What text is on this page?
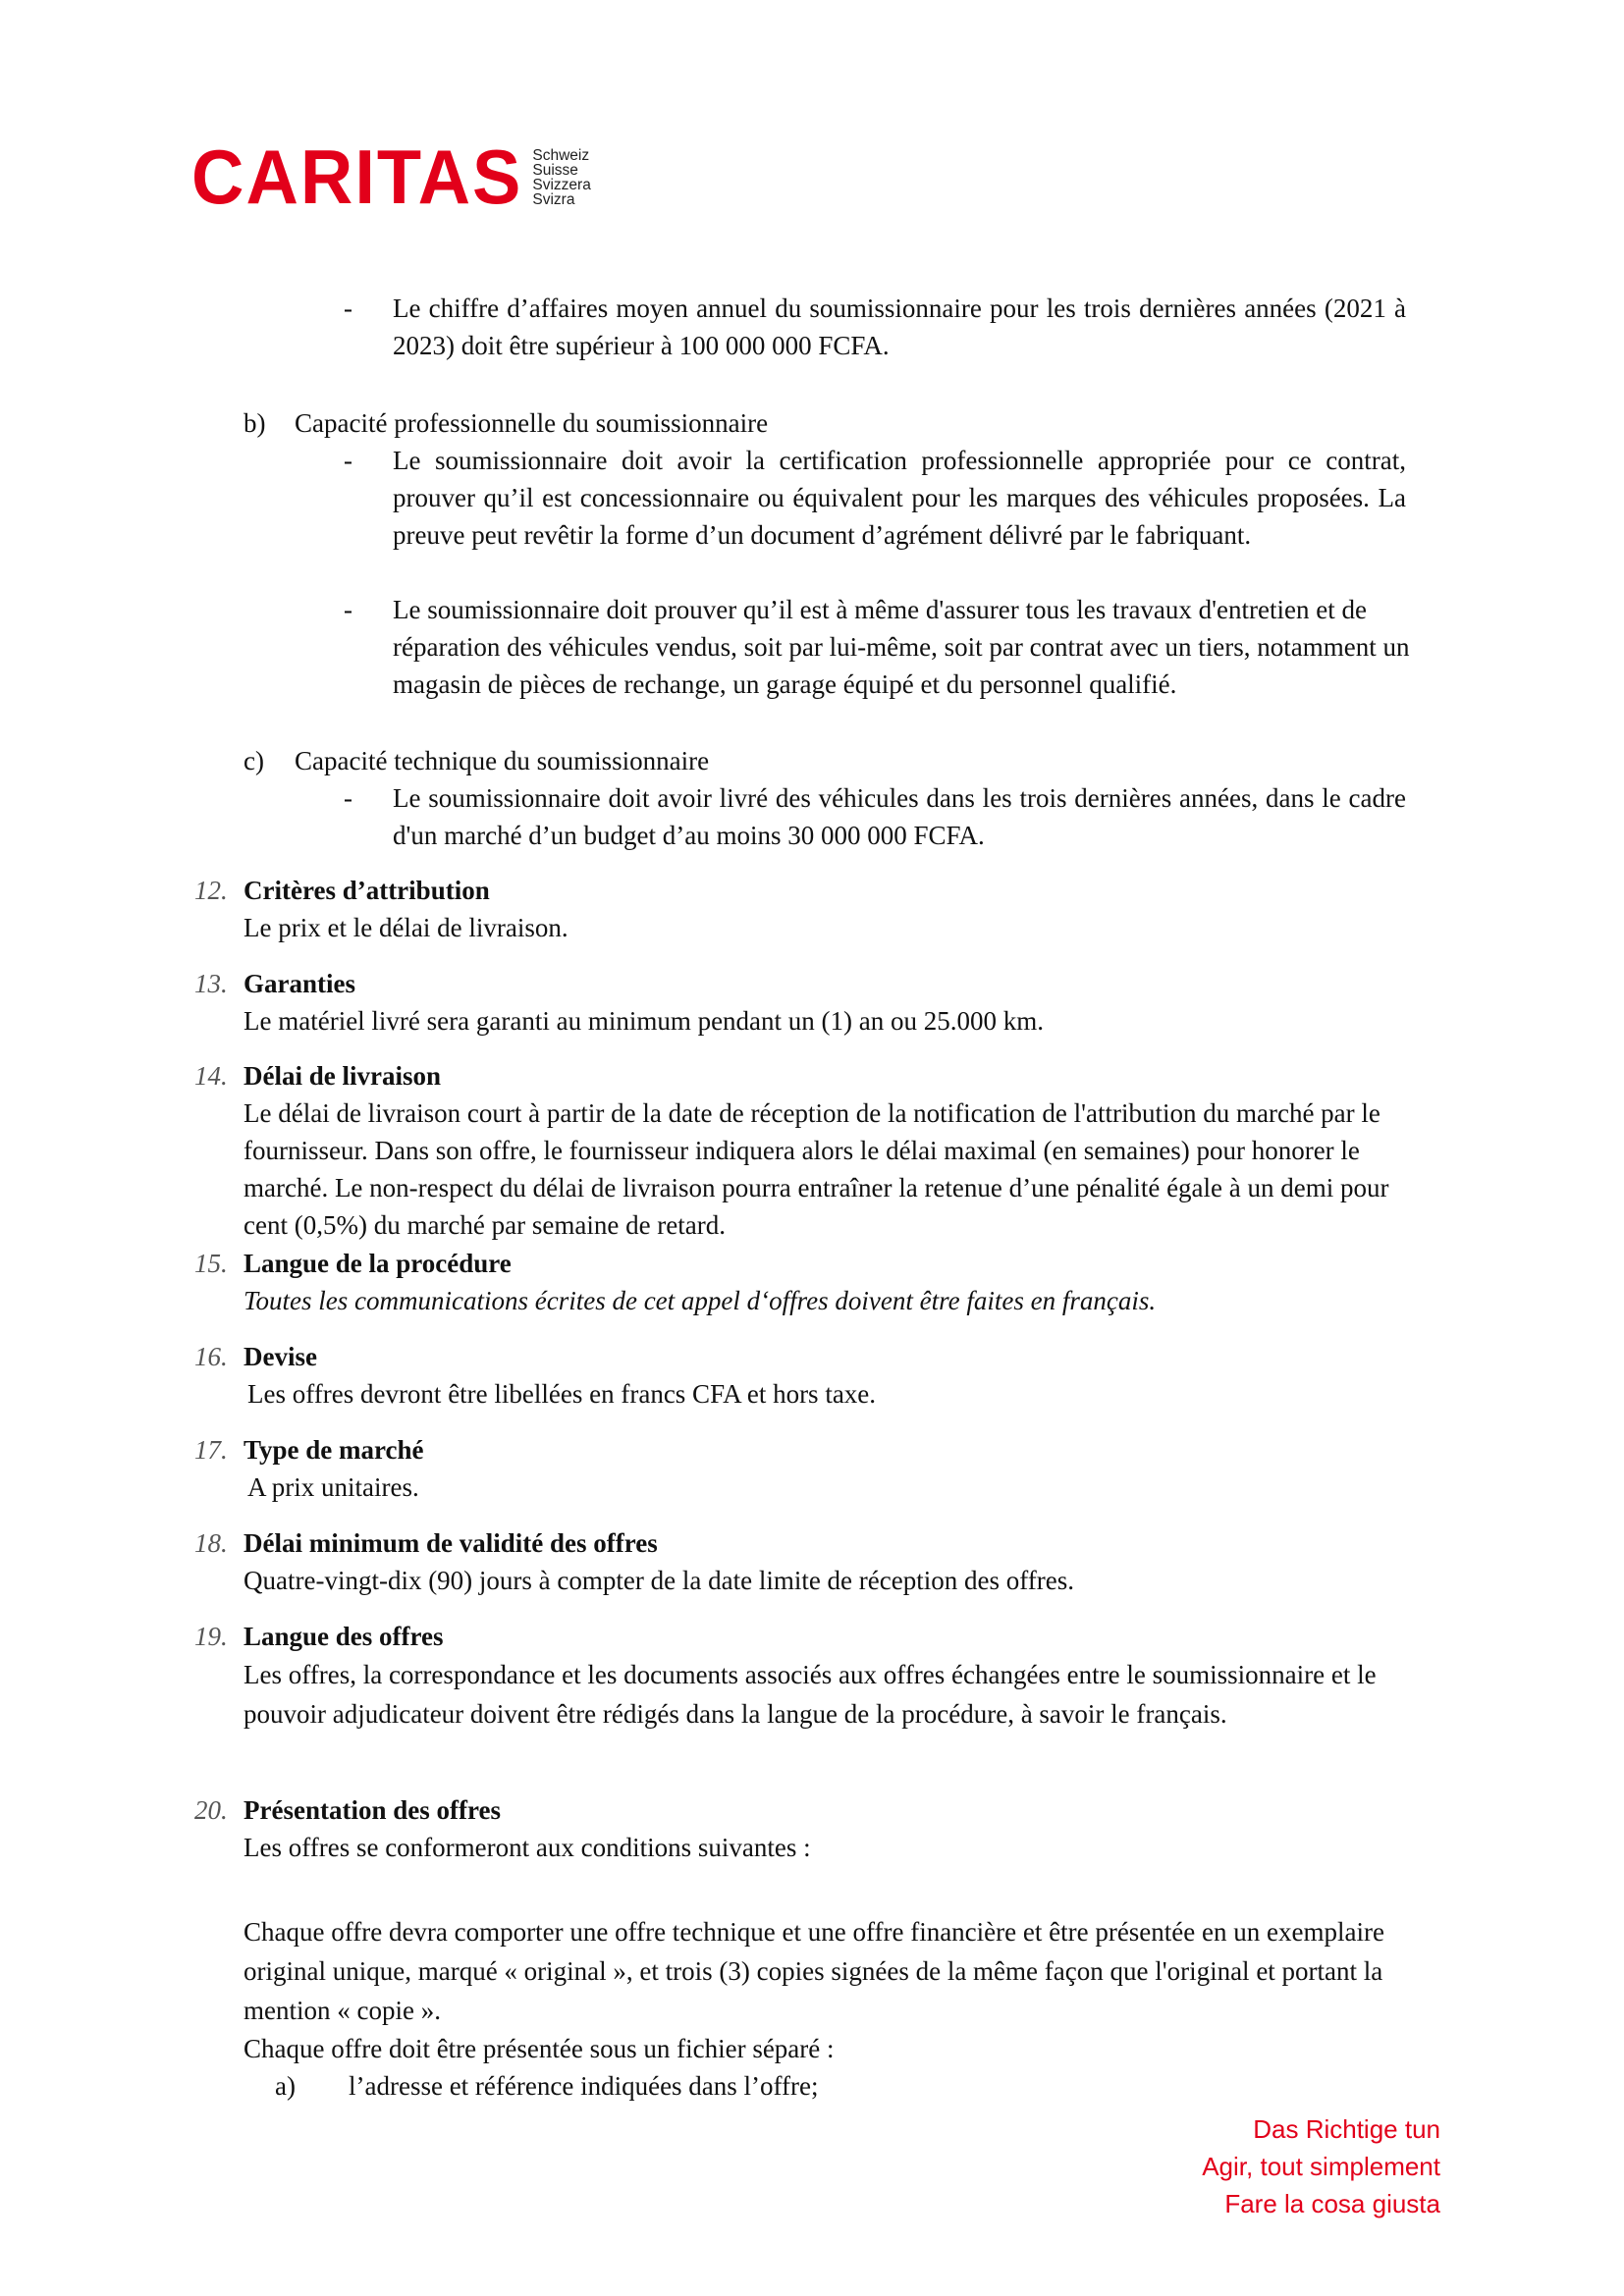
CARITAS Schweiz
Suisse
Svizzera
Svizra
- Le chiffre d’affaires moyen annuel du soumissionnaire pour les trois dernières années (2021 à 2023) doit être supérieur à 100 000 000 FCFA.
b) Capacité professionnelle du soumissionnaire
- Le soumissionnaire doit avoir la certification professionnelle appropriée pour ce contrat, prouver qu’il est concessionnaire ou équivalent pour les marques des véhicules proposées. La preuve peut revêtir la forme d’un document d’agrément délivré par le fabriquant.
- Le soumissionnaire doit prouver qu’il est à même d'assurer tous les travaux d'entretien et de réparation des véhicules vendus, soit par lui-même, soit par contrat avec un tiers, notamment un magasin de pièces de rechange, un garage équipé et du personnel qualifié.
c) Capacité technique du soumissionnaire
- Le soumissionnaire doit avoir livré des véhicules dans les trois dernières années, dans le cadre d'un marché d’un budget d’au moins 30 000 000 FCFA.
12. Critères d’attribution
Le prix et le délai de livraison.
13. Garanties
Le matériel livré sera garanti au minimum pendant un (1) an ou 25.000 km.
14. Délai de livraison
Le délai de livraison court à partir de la date de réception de la notification de l'attribution du marché par le fournisseur. Dans son offre, le fournisseur indiquera alors le délai maximal (en semaines) pour honorer le marché. Le non-respect du délai de livraison pourra entraîner la retenue d’une pénalité égale à un demi pour cent (0,5%) du marché par semaine de retard.
15. Langue de la procédure
Toutes les communications écrites de cet appel d‘offres doivent être faites en français.
16. Devise
Les offres devront être libellées en francs CFA et hors taxe.
17. Type de marché
A prix unitaires.
18. Délai minimum de validité des offres
Quatre-vingt-dix (90) jours à compter de la date limite de réception des offres.
19. Langue des offres
Les offres, la correspondance et les documents associés aux offres échangées entre le soumissionnaire et le pouvoir adjudicateur doivent être rédigés dans la langue de la procédure, à savoir le français.
20. Présentation des offres
Les offres se conformeront aux conditions suivantes :
Chaque offre devra comporter une offre technique et une offre financière et être présentée en un exemplaire original unique, marqué « original », et trois (3) copies signées de la même façon que l'original et portant la mention « copie ».
Chaque offre doit être présentée sous un fichier séparé :
a) l’adresse et référence indiquées dans l’offre;
Das Richtige tun
Agir, tout simplement
Fare la cosa giusta
